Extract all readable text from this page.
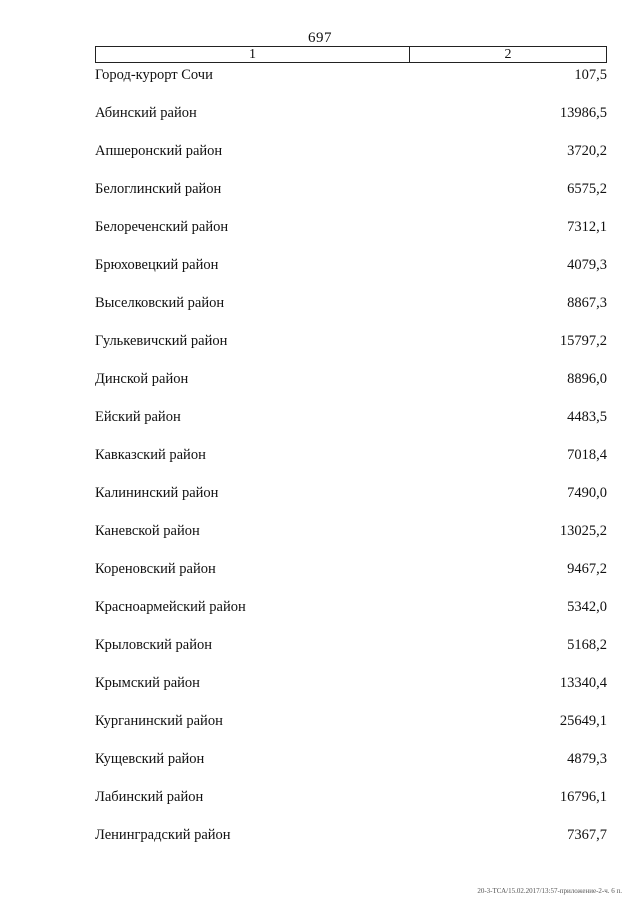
697
1	2
Город-курорт Сочи	107,5
Абинский район	13986,5
Апшеронский район	3720,2
Белоглинский район	6575,2
Белореченский район	7312,1
Брюховецкий район	4079,3
Выселковский район	8867,3
Гулькевичский район	15797,2
Динской район	8896,0
Ейский район	4483,5
Кавказский район	7018,4
Калининский район	7490,0
Каневской район	13025,2
Кореновский район	9467,2
Красноармейский район	5342,0
Крыловский район	5168,2
Крымский район	13340,4
Курганинский район	25649,1
Кущевский район	4879,3
Лабинский район	16796,1
Ленинградский район	7367,7
20-3-ТСА/15.02.2017/13:57-приложение-2-ч. 6 п.
